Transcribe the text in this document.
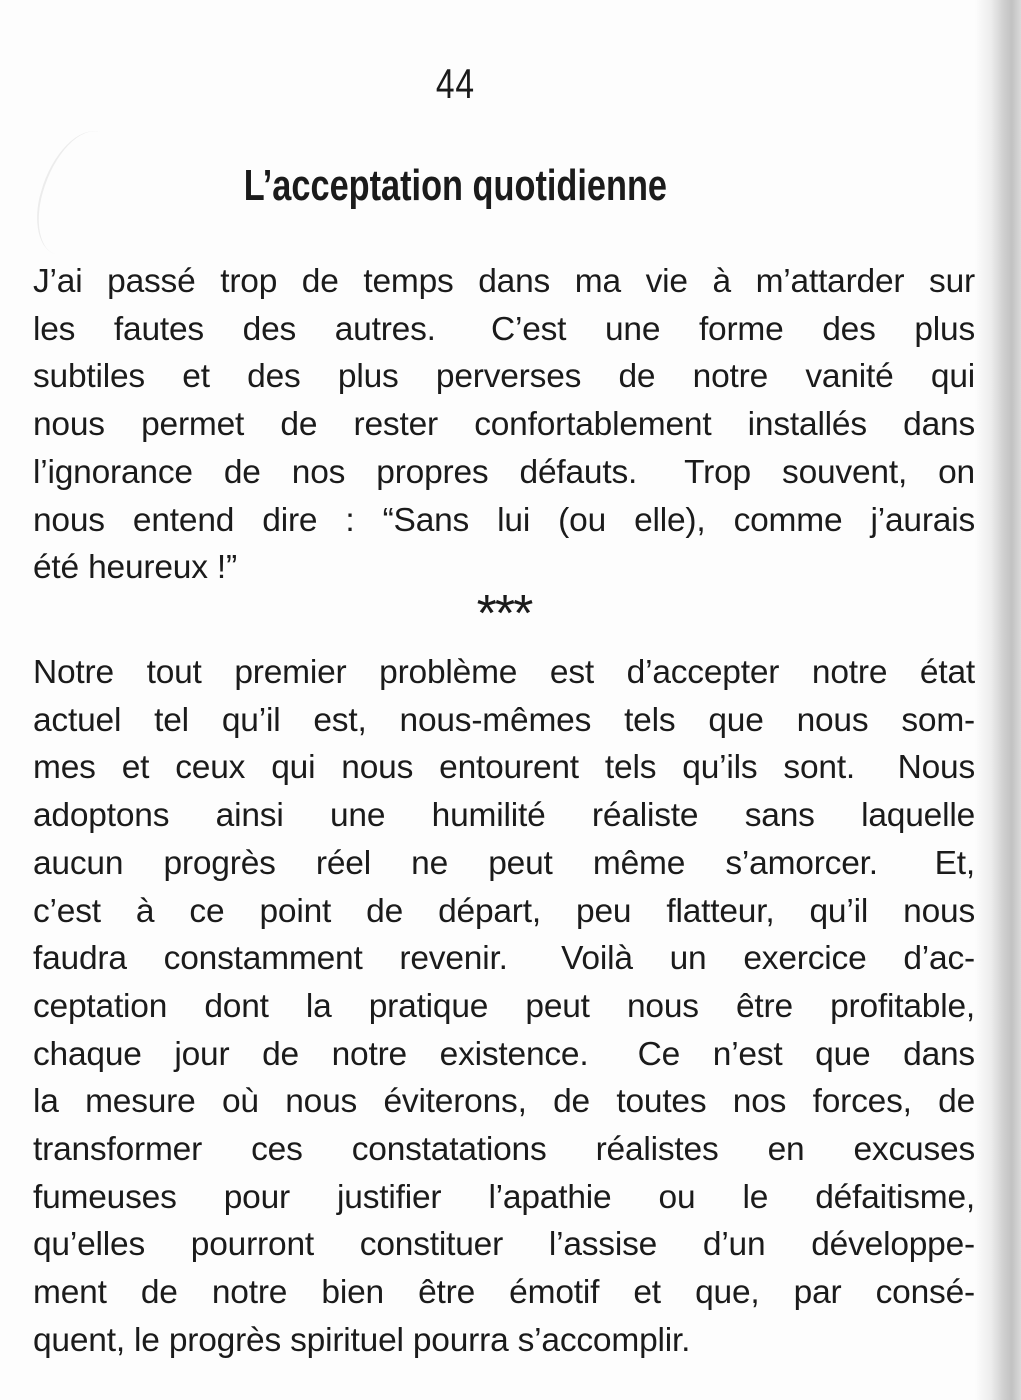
44
L’acceptation quotidienne
J’ai passé trop de temps dans ma vie à m’attarder sur
les fautes des autres.  C’est une forme des plus
subtiles et des plus perverses de notre vanité qui
nous permet de rester confortablement installés dans
l’ignorance de nos propres défauts.  Trop souvent, on
nous entend dire : “Sans lui (ou elle), comme j’aurais
été heureux !”
***
Notre tout premier problème est d’accepter notre état
actuel tel qu’il est, nous-mêmes tels que nous som-
mes et ceux qui nous entourent tels qu’ils sont.  Nous
adoptons ainsi une humilité réaliste sans laquelle
aucun progrès réel ne peut même s’amorcer.  Et,
c’est à ce point de départ, peu flatteur, qu’il nous
faudra constamment revenir.  Voilà un exercice d’ac-
ceptation dont la pratique peut nous être profitable,
chaque jour de notre existence.  Ce n’est que dans
la mesure où nous éviterons, de toutes nos forces, de
transformer ces constatations réalistes en excuses
fumeuses pour justifier l’apathie ou le défaitisme,
qu’elles pourront constituer l’assise d’un développe-
ment de notre bien être émotif et que, par consé-
quent, le progrès spirituel pourra s’accomplir.
